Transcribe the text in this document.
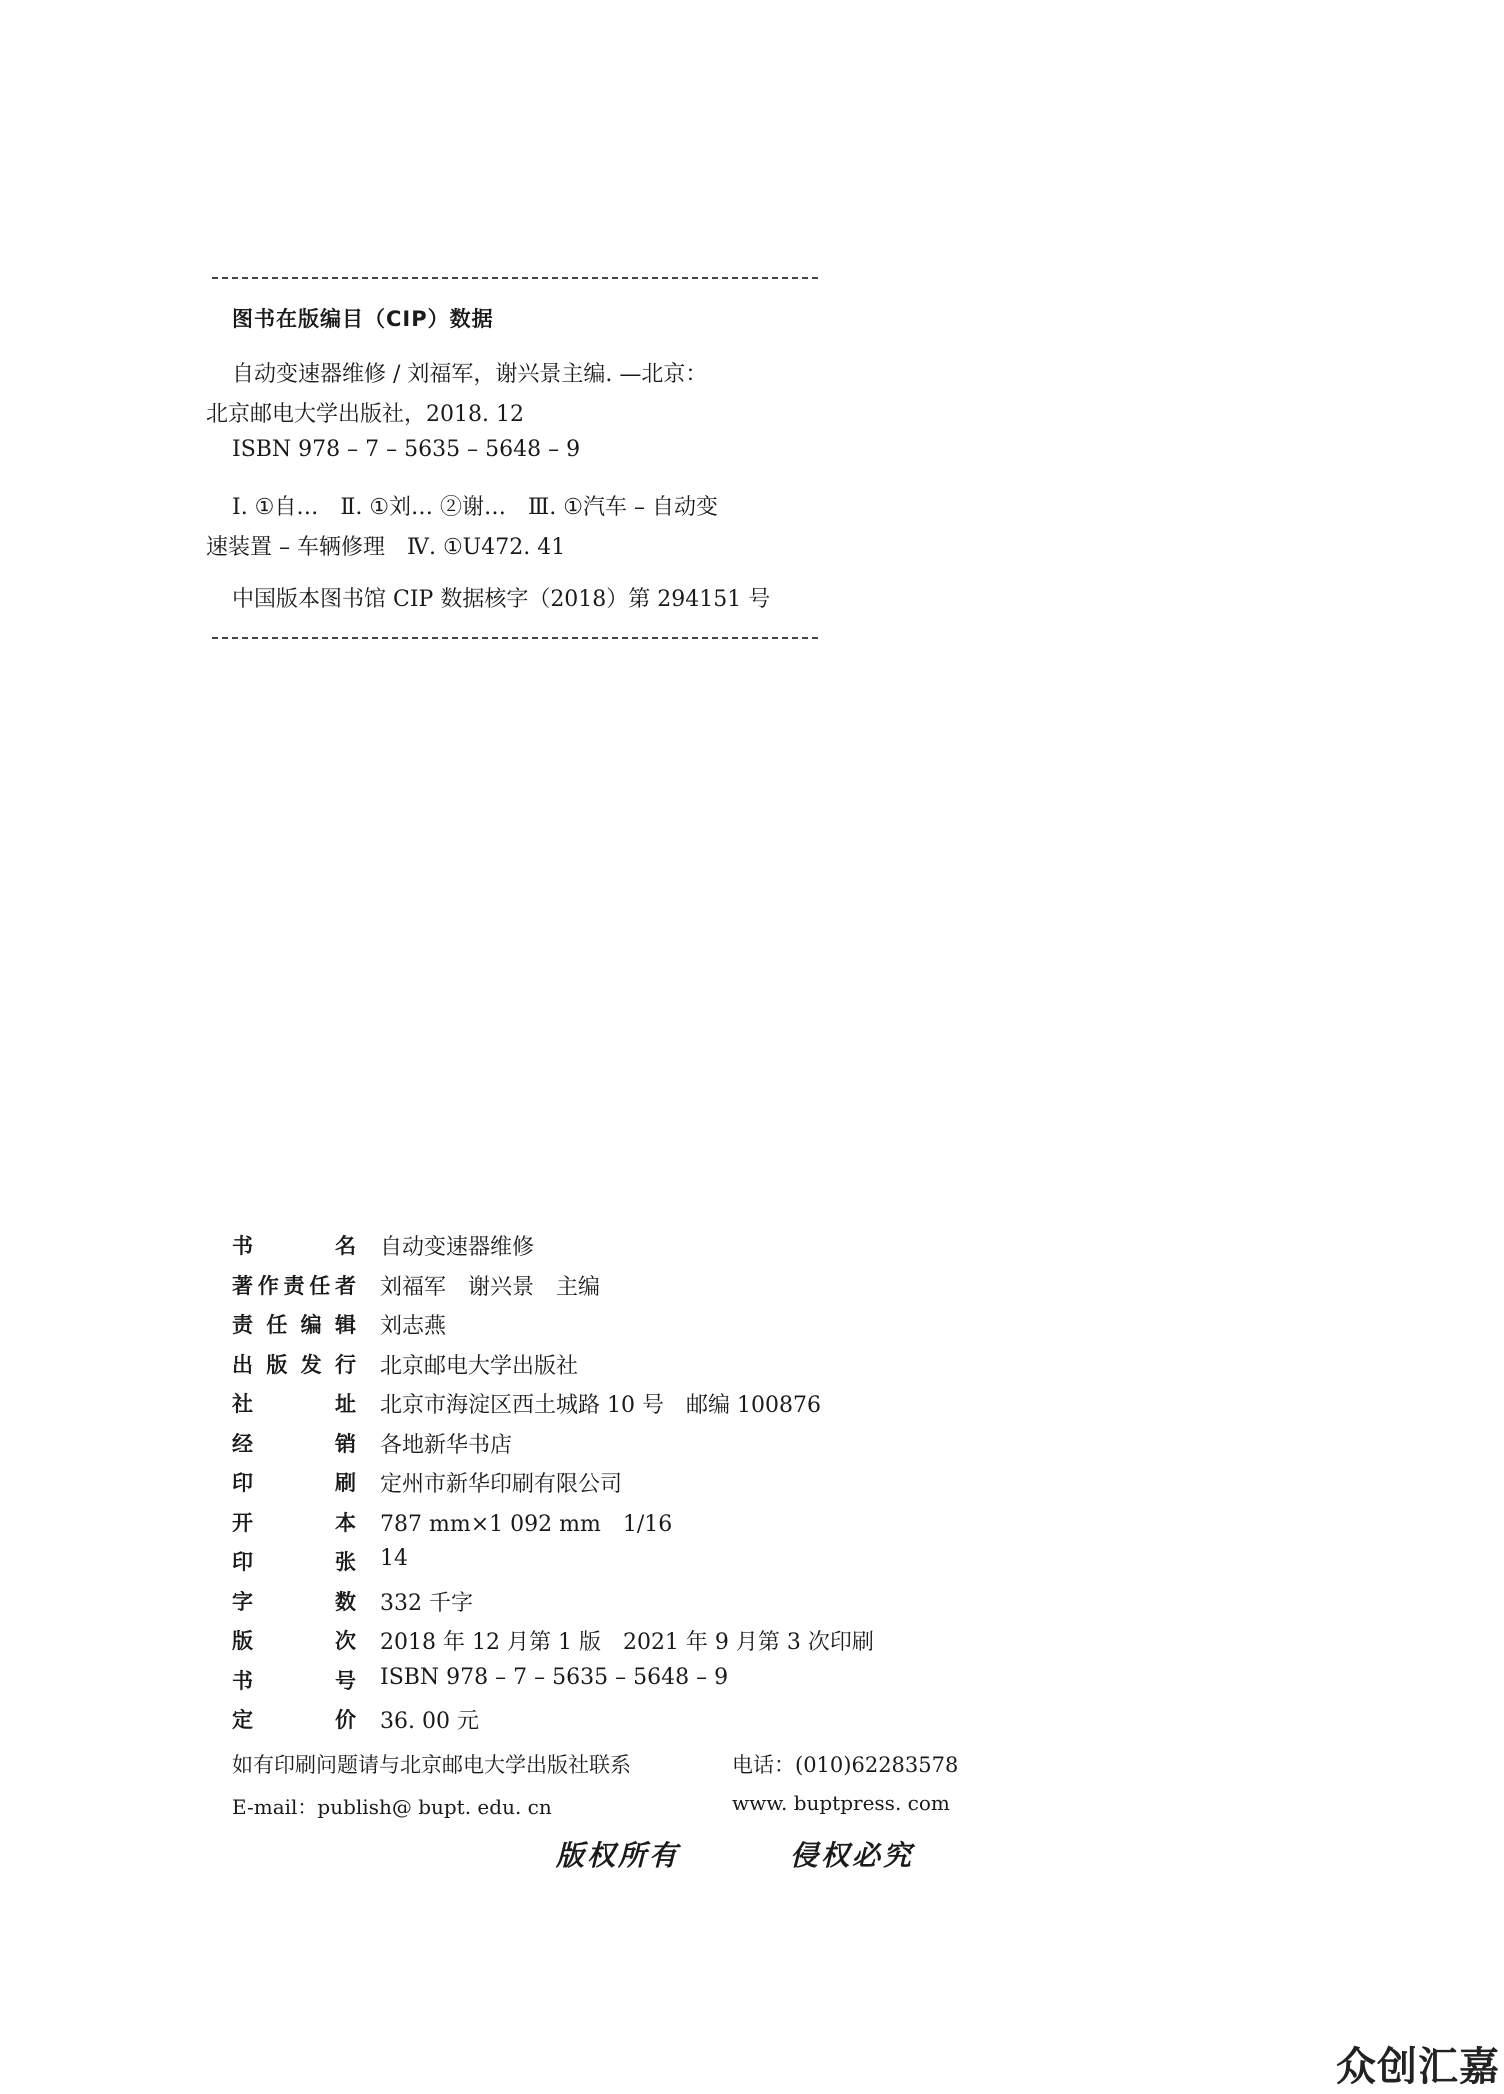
图书在版编目（CIP）数据
自动变速器维修 / 刘福军，谢兴景主编. —北京：
北京邮电大学出版社，2018. 12
ISBN 978 – 7 – 5635 – 5648 – 9
Ⅰ. ①自…　Ⅱ. ①刘… ②谢…　Ⅲ. ①汽车 – 自动变
速装置 – 车辆修理　Ⅳ. ①U472. 41
中国版本图书馆 CIP 数据核字（2018）第 294151 号
书名 自动变速器维修
著作责任者 刘福军　谢兴景　主编
责任编辑 刘志燕
出版发行 北京邮电大学出版社
社址 北京市海淀区西土城路 10 号　邮编 100876
经销 各地新华书店
印刷 定州市新华印刷有限公司
开本 787 mm×1 092 mm　1/16
印张 14
字数 332 千字
版次 2018 年 12 月第 1 版　2021 年 9 月第 3 次印刷
书号 ISBN 978 – 7 – 5635 – 5648 – 9
定价 36. 00 元
如有印刷问题请与北京邮电大学出版社联系	电话：(010)62283578
E-mail：publish@ bupt. edu. cn	www. buptpress. com
版权所有	侵权必究
众创汇嘉
